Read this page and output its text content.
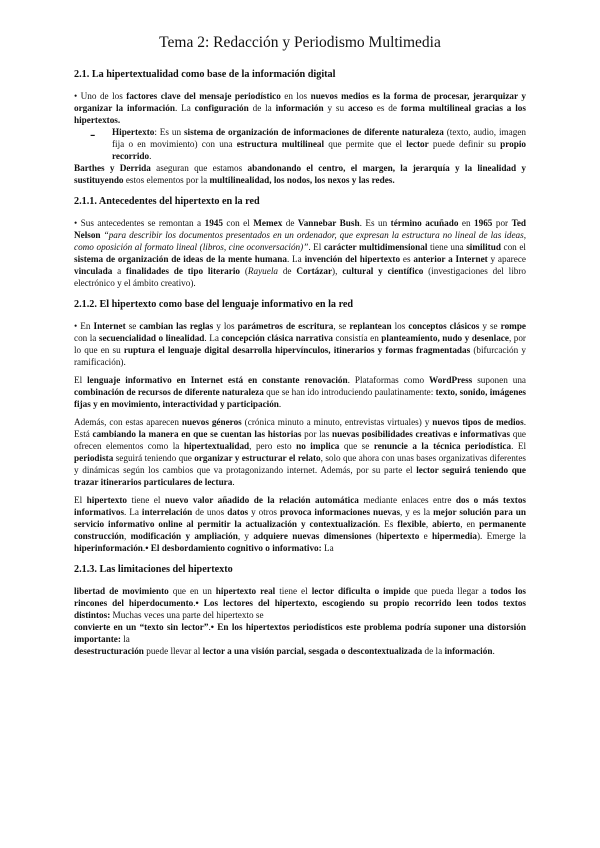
Tema 2: Redacción y Periodismo Multimedia
2.1. La hipertextualidad como base de la información digital

• Uno de los factores clave del mensaje periodístico en los nuevos medios es la forma de procesar, jerarquizar y organizar la información. La configuración de la información y su acceso es de forma multilineal gracias a los hipertextos.

-	Hipertexto: Es un sistema de organización de informaciones de diferente naturaleza (texto, audio, imagen fija o en movimiento) con una estructura multilineal que permite que el lector puede definir su propio recorrido.

Barthes y Derrida aseguran que estamos abandonando el centro, el margen, la jerarquía y la linealidad y sustituyendo estos elementos por la multilinealidad, los nodos, los nexos y las redes.

2.1.1. Antecedentes del hipertexto en la red

• Sus antecedentes se remontan a 1945 con el Memex de Vannebar Bush. Es un término acuñado en 1965 por Ted Nelson “para describir los documentos presentados en un ordenador, que expresan la estructura no lineal de las ideas, como oposición al formato lineal (libros, cine oconversación)”. El carácter multidimensional tiene una similitud con el sistema de organización de ideas de la mente humana. La invención del hipertexto es anterior a Internet y aparece vinculada a finalidades de tipo literario (Rayuela de Cortázar), cultural y científico (investigaciones del libro electrónico y el ámbito creativo).

2.1.2. El hipertexto como base del lenguaje informativo en la red

• En Internet se cambian las reglas y los parámetros de escritura, se replantean los conceptos clásicos y se rompe con la secuencialidad o linealidad. La concepción clásica narrativa consistía en planteamiento, nudo y desenlace, por lo que en su ruptura el lenguaje digital desarrolla hipervínculos, itinerarios y formas fragmentadas (bifurcación y ramificación).

El lenguaje informativo en Internet está en constante renovación. Plataformas como WordPress suponen una combinación de recursos de diferente naturaleza que se han ido introduciendo paulatinamente: texto, sonido, imágenes fijas y en movimiento, interactividad y participación.

Además, con estas aparecen nuevos géneros (crónica minuto a minuto, entrevistas virtuales) y nuevos tipos de medios. Está cambiando la manera en que se cuentan las historias por las nuevas posibilidades creativas e informativas que ofrecen elementos como la hipertextualidad, pero esto no implica que se renuncie a la técnica periodística. El periodista seguirá teniendo que organizar y estructurar el relato, solo que ahora con unas bases organizativas diferentes y dinámicas según los cambios que va protagonizando internet. Además, por su parte el lector seguirá teniendo que trazar itinerarios particulares de lectura.

El hipertexto tiene el nuevo valor añadido de la relación automática mediante enlaces entre dos o más textos informativos. La interrelación de unos datos y otros provoca informaciones nuevas, y es la mejor solución para un servicio informativo online al permitir la actualización y contextualización. Es flexible, abierto, en permanente construcción, modificación y ampliación, y adquiere nuevas dimensiones (hipertexto e hipermedia). Emerge la hiperinformación.• El desbordamiento cognitivo o informativo: La

2.1.3. Las limitaciones del hipertexto

libertad de movimiento que en un hipertexto real tiene el lector dificulta o impide que pueda llegar a todos los rincones del hiperdocumento.• Los lectores del hipertexto, escogiendo su propio recorrido leen todos textos distintos: Muchas veces una parte del hipertexto se

convierte en un “texto sin lector”.• En los hipertextos periodísticos este problema podría suponer una distorsión importante: la

desestructuración puede llevar al lector a una visión parcial, sesgada o descontextualizada de la información.
